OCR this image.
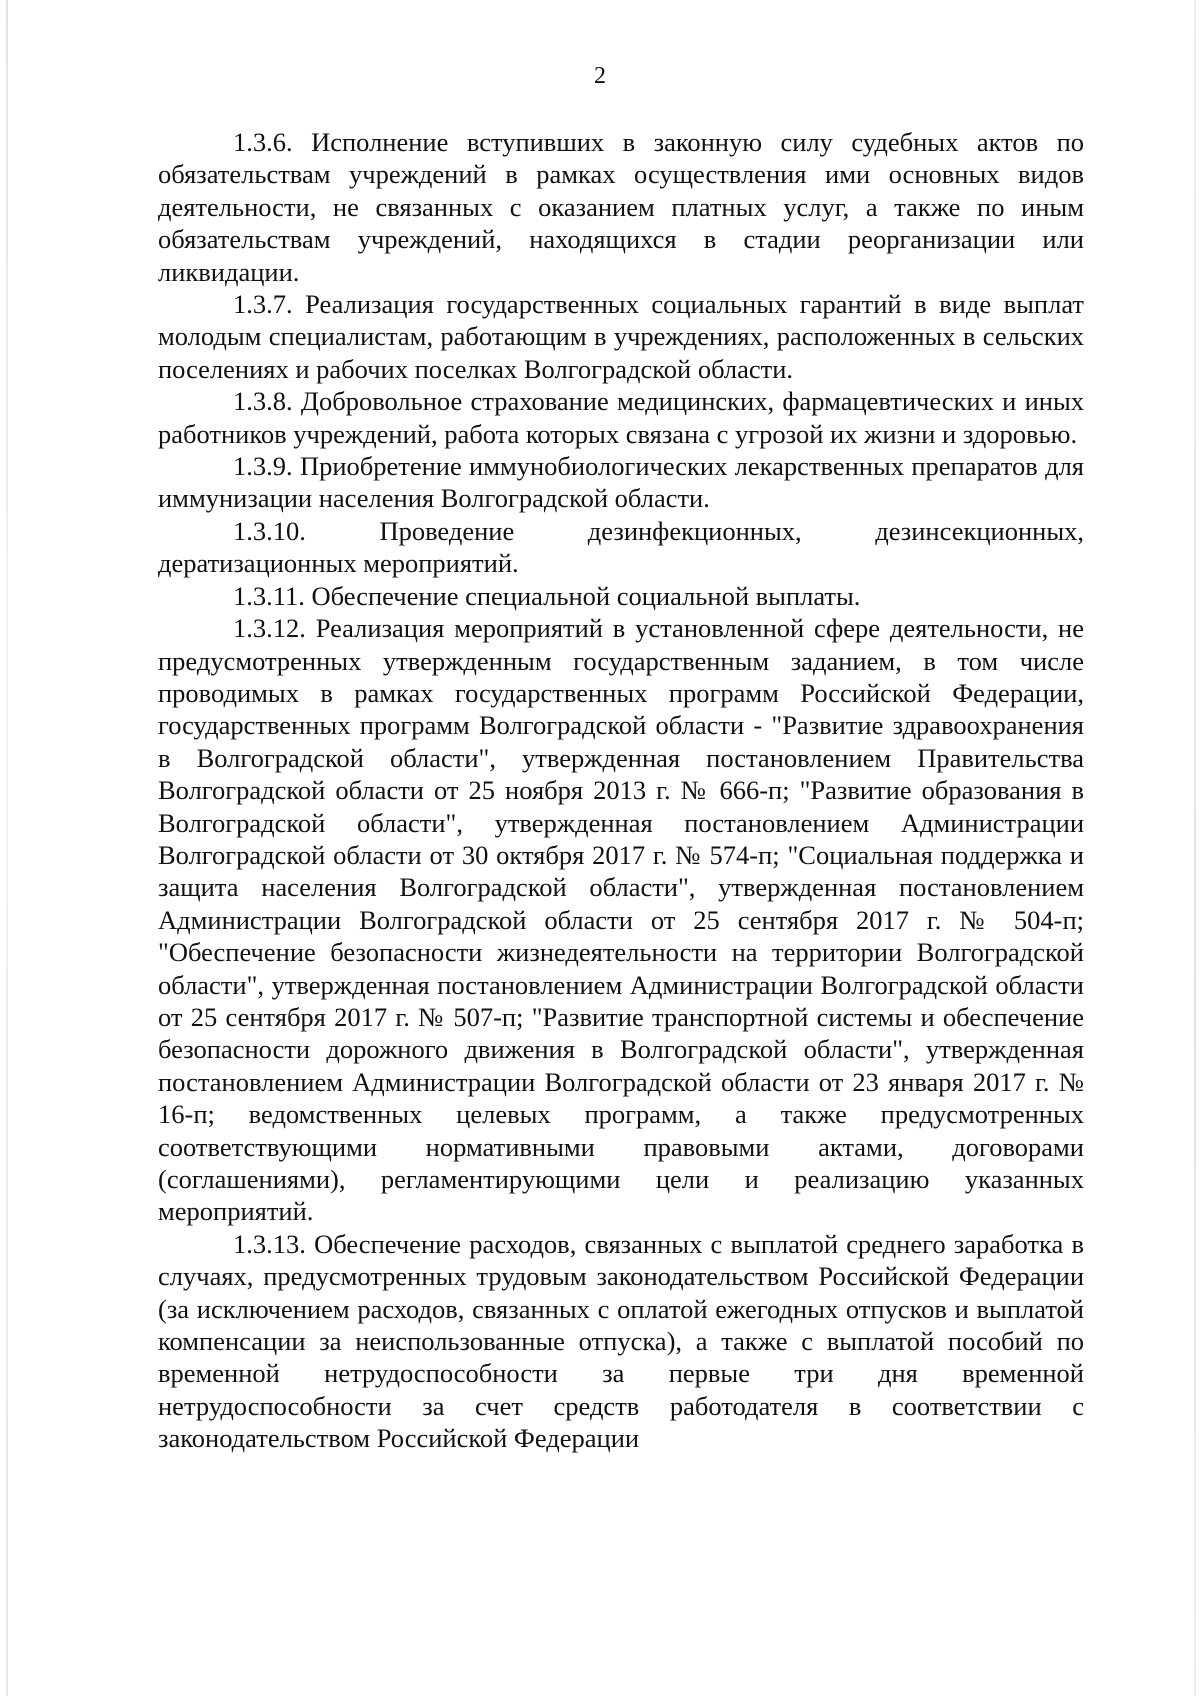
2

1.3.6. Исполнение вступивших в законную силу судебных актов по обязательствам учреждений в рамках осуществления ими основных видов деятельности, не связанных с оказанием платных услуг, а также по иным обязательствам учреждений, находящихся в стадии реорганизации или ликвидации.

1.3.7. Реализация государственных социальных гарантий в виде выплат молодым специалистам, работающим в учреждениях, расположенных в сельских поселениях и рабочих поселках Волгоградской области.

1.3.8. Добровольное страхование медицинских, фармацевтических и иных работников учреждений, работа которых связана с угрозой их жизни и здоровью.

1.3.9. Приобретение иммунобиологических лекарственных препаратов для иммунизации населения Волгоградской области.

1.3.10. Проведение дезинфекционных, дезинсекционных, дератизационных мероприятий.

1.3.11. Обеспечение специальной социальной выплаты.

1.3.12. Реализация мероприятий в установленной сфере деятельности, не предусмотренных утвержденным государственным заданием, в том числе проводимых в рамках государственных программ Российской Федерации, государственных программ Волгоградской области - "Развитие здравоохранения в Волгоградской области", утвержденная постановлением Правительства Волгоградской области от 25 ноября 2013 г. № 666-п; "Развитие образования в Волгоградской области", утвержденная постановлением Администрации Волгоградской области от 30 октября 2017 г. № 574-п; "Социальная поддержка и защита населения Волгоградской области", утвержденная постановлением Администрации Волгоградской области от 25 сентября 2017 г. № 504-п; "Обеспечение безопасности жизнедеятельности на территории Волгоградской области", утвержденная постановлением Администрации Волгоградской области от 25 сентября 2017 г. № 507-п; "Развитие транспортной системы и обеспечение безопасности дорожного движения в Волгоградской области", утвержденная постановлением Администрации Волгоградской области от 23 января 2017 г. № 16-п; ведомственных целевых программ, а также предусмотренных соответствующими нормативными правовыми актами, договорами (соглашениями), регламентирующими цели и реализацию указанных мероприятий.

1.3.13. Обеспечение расходов, связанных с выплатой среднего заработка в случаях, предусмотренных трудовым законодательством Российской Федерации (за исключением расходов, связанных с оплатой ежегодных отпусков и выплатой компенсации за неиспользованные отпуска), а также с выплатой пособий по временной нетрудоспособности за первые три дня временной нетрудоспособности за счет средств работодателя в соответствии с законодательством Российской Федерации
